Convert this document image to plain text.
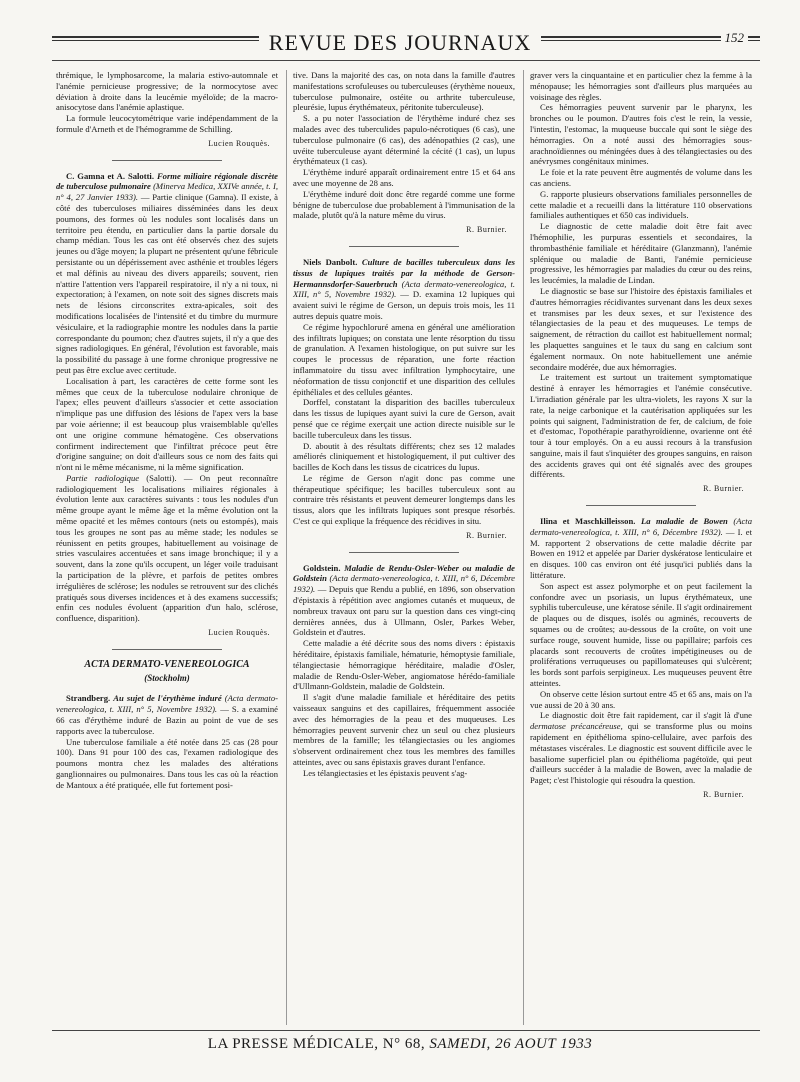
REVUE DES JOURNAUX	152

thrémique, le lymphosarcome, la malaria estivo-automnale et l'anémie pernicieuse progressive; de la normocytose avec déviation à droite dans la leucémie myéloïde; de la macro-anisocytose dans l'anémie aplastique.

La formule leucocytométrique varie indépendamment de la formule d'Arneth et de l'hémogramme de Schilling.

Lucien Rouquès.

C. Gamna et A. Salotti. Forme miliaire régionale discrète de tuberculose pulmonaire (Minerva Medica, XXIVe année, t. I, n° 4, 27 Janvier 1933). — Partie clinique (Gamna). Il existe, à côté des tuberculoses miliaires disséminées dans les deux poumons, des formes où les nodules sont localisés dans un territoire peu étendu, en particulier dans la partie dorsale du champ médian. Tous les cas ont été observés chez des sujets jeunes ou d'âge moyen; la plupart ne présentent qu'une fébricule persistante ou un dépérissement avec asthénie et troubles légers et mal définis au niveau des divers appareils; souvent, rien n'attire l'attention vers l'appareil respiratoire, il n'y a ni toux, ni expectoration; à l'examen, on note soit des signes discrets mais nets de lésions circonscrites extra-apicales, soit des modifications localisées de l'intensité et du timbre du murmure vésiculaire, et la radiographie montre les nodules dans la partie correspondante du poumon; chez d'autres sujets, il n'y a que des signes radiologiques. En général, l'évolution est favorable, mais la possibilité du passage à une forme chronique progressive ne peut pas être exclue avec certitude.

Localisation à part, les caractères de cette forme sont les mêmes que ceux de la tuberculose nodulaire chronique de l'apex; elles peuvent d'ailleurs s'associer et cette association n'implique pas une diffusion des lésions de l'apex vers la base par voie aérienne; il est beaucoup plus vraisemblable qu'elles ont une origine commune hématogène. Ces observations confirment indirectement que l'infiltrat précoce peut être d'origine sanguine; on doit d'ailleurs sous ce nom des faits qui n'ont ni le même mécanisme, ni la même signification.

Partie radiologique (Salotti). — On peut reconnaître radiologiquement les localisations miliaires régionales à évolution lente aux caractères suivants : tous les nodules d'un même groupe ayant le même âge et la même évolution ont la même opacité et les mêmes contours (nets ou estompés), mais tous les groupes ne sont pas au même stade; les nodules se réunissent en petits groupes, habituellement au voisinage de stries vasculaires accentuées et sans image bronchique; il y a souvent, dans la zone qu'ils occupent, un léger voile traduisant la participation de la plèvre, et parfois de petites ombres irrégulières de sclérose; les nodules se retrouvent sur des clichés pratiqués sous diverses incidences et à des examens successifs; enfin ces nodules évoluent (apparition d'un halo, sclérose, confluence, disparition).

Lucien Rouquès.

ACTA DERMATO-VENEREOLOGICA

(Stockholm)

Strandberg. Au sujet de l'érythème induré (Acta dermato-venereologica, t. XIII, n° 5, Novembre 1932). — S. a examiné 66 cas d'érythème induré de Bazin au point de vue de ses rapports avec la tuberculose.

Une tuberculose familiale a été notée dans 25 cas (28 pour 100). Dans 91 pour 100 des cas, l'examen radiologique des poumons montra chez les malades des altérations ganglionnaires ou pulmonaires. Dans tous les cas où la réaction de Mantoux a été pratiquée, elle fut fortement posi-

tive. Dans la majorité des cas, on nota dans la famille d'autres manifestations scrofuleuses ou tuberculeuses (érythème noueux, tuberculose pulmonaire, ostéite ou arthrite tuberculeuse, pleurésie, lupus érythémateux, péritonite tuberculeuse).

S. a pu noter l'association de l'érythème induré chez ses malades avec des tuberculides papulo-nécrotiques (6 cas), une tuberculose pulmonaire (6 cas), des adénopathies (2 cas), une uvéite tuberculeuse ayant déterminé la cécité (1 cas), un lupus érythémateux (1 cas).

L'érythème induré apparaît ordinairement entre 15 et 64 ans avec une moyenne de 28 ans.

L'érythème induré doit donc être regardé comme une forme bénigne de tuberculose due probablement à l'immunisation de la malade, plutôt qu'à la nature même du virus.

R. Burnier.

Niels Danbolt. Culture de bacilles tuberculeux dans les tissus de lupiques traités par la méthode de Gerson-Hermannsdorfer-Sauerbruch (Acta dermato-venereologica, t. XIII, n° 5, Novembre 1932). — D. examina 12 lupiques qui avaient suivi le régime de Gerson, un depuis trois mois, les 11 autres depuis quatre mois.

Ce régime hypochloruré amena en général une amélioration des infiltrats lupiques; on constata une lente résorption du tissu de granulation. A l'examen histologique, on put suivre sur les coupes le processus de réparation, une forte réaction inflammatoire du tissu avec infiltration lymphocytaire, une néoformation de tissu conjonctif et une disparition des cellules épithéliales et des cellules géantes.

Dorffel, constatant la disparition des bacilles tuberculeux dans les tissus de lupiques ayant suivi la cure de Gerson, avait pensé que ce régime exerçait une action directe nuisible sur le bacille tuberculeux dans les tissus.

D. aboutit à des résultats différents; chez ses 12 malades améliorés cliniquement et histologiquement, il put cultiver des bacilles de Koch dans les tissus de cicatrices du lupus.

Le régime de Gerson n'agit donc pas comme une thérapeutique spécifique; les bacilles tuberculeux sont au contraire très résistants et peuvent demeurer longtemps dans les tissus, alors que les infiltrats lupiques sont presque résorbés. C'est ce qui explique la fréquence des récidives in situ.

R. Burnier.

Goldstein. Maladie de Rendu-Osler-Weber ou maladie de Goldstein (Acta dermato-venereologica, t. XIII, n° 6, Décembre 1932). — Depuis que Rendu a publié, en 1896, son observation d'épistaxis à répétition avec angiomes cutanés et muqueux, de nombreux travaux ont paru sur la question dans ces vingt-cinq dernières années, dus à Ullmann, Osler, Parkes Weber, Goldstein et d'autres.

Cette maladie a été décrite sous des noms divers : épistaxis héréditaire, épistaxis familiale, hématurie, hémoptysie familiale, télangiectasie hémorragique héréditaire, maladie d'Osler, maladie de Rendu-Osler-Weber, angiomatose hérédo-familiale d'Ullmann-Goldstein, maladie de Goldstein.

Il s'agit d'une maladie familiale et héréditaire des petits vaisseaux sanguins et des capillaires, fréquemment associée avec des hémorragies de la peau et des muqueuses. Les hémorragies peuvent survenir chez un seul ou chez plusieurs membres de la famille; les télangiectasies ou les angiomes s'observent ordinairement chez tous les membres des familles atteintes, avec ou sans épistaxis graves durant l'enfance.

Les télangiectasies et les épistaxis peuvent s'ag-

graver vers la cinquantaine et en particulier chez la femme à la ménopause; les hémorragies sont d'ailleurs plus marquées au voisinage des règles.

Ces hémorragies peuvent survenir par le pharynx, les bronches ou le poumon. D'autres fois c'est le rein, la vessie, l'intestin, l'estomac, la muqueuse buccale qui sont le siège des hémorragies. On a noté aussi des hémorragies sous-arachnoïdiennes ou méningées dues à des télangiectasies ou des anévrysmes congénitaux minimes.

Le foie et la rate peuvent être augmentés de volume dans les cas anciens.

G. rapporte plusieurs observations familiales personnelles de cette maladie et a recueilli dans la littérature 110 observations familiales authentiques et 650 cas individuels.

Le diagnostic de cette maladie doit être fait avec l'hémophilie, les purpuras essentiels et secondaires, la thrombasthénie familiale et héréditaire (Glanzmann), l'anémie splénique ou maladie de Banti, l'anémie pernicieuse progressive, les hémorragies par maladies du cœur ou des reins, les leucémies, la maladie de Lindan.

Le diagnostic se base sur l'histoire des épistaxis familiales et d'autres hémorragies récidivantes survenant dans les deux sexes et transmises par les deux sexes, et sur l'existence des télangiectasies de la peau et des muqueuses. Le temps de saignement, de rétraction du caillot est habituellement normal; les plaquettes sanguines et le taux du sang en calcium sont également normaux. On note habituellement une anémie secondaire modérée, due aux hémorragies.

Le traitement est surtout un traitement symptomatique destiné à enrayer les hémorragies et l'anémie consécutive. L'irradiation générale par les ultra-violets, les rayons X sur la rate, la neige carbonique et la cautérisation appliquées sur les points qui saignent, l'administration de fer, de calcium, de foie et d'estomac, l'opothérapie parathyroïdienne, ovarienne ont été tour à tour employés. On a eu aussi recours à la transfusion sanguine, mais il faut s'inquiéter des groupes sanguins, en raison des accidents graves qui ont été signalés avec des groupes différents.

R. Burnier.

Ilina et Maschkilleisson. La maladie de Bowen (Acta dermato-venereologica, t. XIII, n° 6, Décembre 1932). — I. et M. rapportent 2 observations de cette maladie décrite par Bowen en 1912 et appelée par Darier dyskératose lenticulaire et en disques. 100 cas environ ont été jusqu'ici publiés dans la littérature.

Son aspect est assez polymorphe et on peut facilement la confondre avec un psoriasis, un lupus érythémateux, une syphilis tuberculeuse, une kératose sénile. Il s'agit ordinairement de plaques ou de disques, isolés ou agminés, recouverts de squames ou de croûtes; au-dessous de la croûte, on voit une surface rouge, souvent humide, lisse ou papillaire; parfois ces placards sont recouverts de croûtes impétigineuses ou de proliférations verruqueuses ou papillomateuses qui s'ulcèrent; les bords sont parfois serpigineux. Les muqueuses peuvent être atteintes.

On observe cette lésion surtout entre 45 et 65 ans, mais on l'a vue aussi de 20 à 30 ans.

Le diagnostic doit être fait rapidement, car il s'agit là d'une dermatose précancéreuse, qui se transforme plus ou moins rapidement en épithélioma spino-cellulaire, avec parfois des métastases viscérales. Le diagnostic est souvent difficile avec le basaliome superficiel plan ou épithélioma pagétoïde, qui peut d'ailleurs succéder à la maladie de Bowen, avec la maladie de Paget; c'est l'histologie qui résoudra la question.

R. Burnier.

LA PRESSE MÉDICALE, N° 68, SAMEDI, 26 AOUT 1933
